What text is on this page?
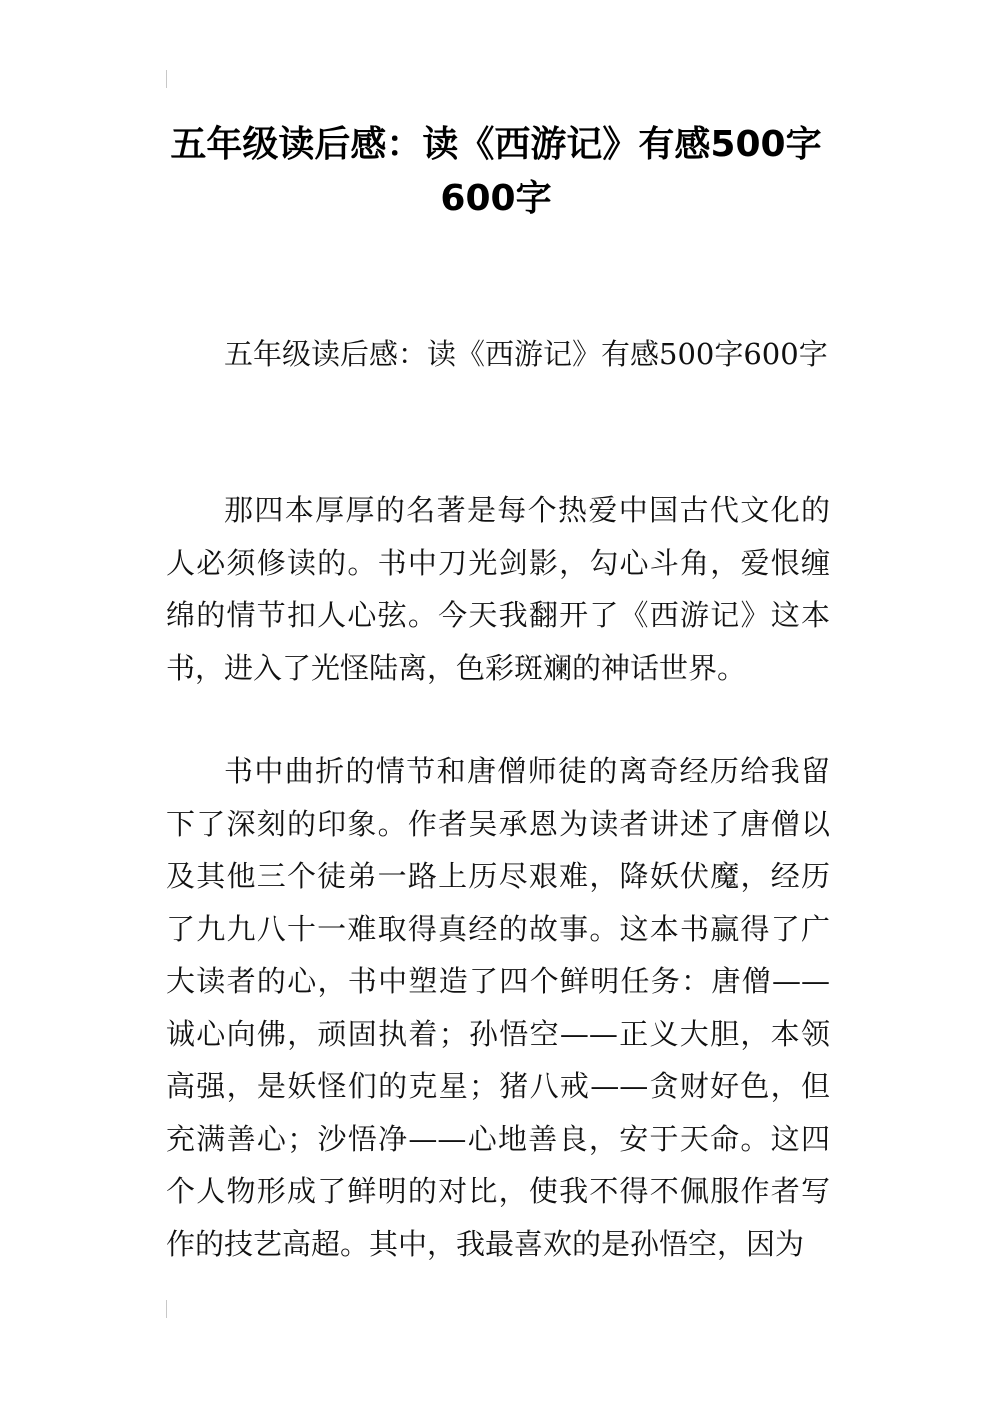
五年级读后感：读《西游记》有感500字600字

五年级读后感：读《西游记》有感500字600字

那四本厚厚的名著是每个热爱中国古代文化的人必须修读的。书中刀光剑影，勾心斗角，爱恨缠绵的情节扣人心弦。今天我翻开了《西游记》这本书，进入了光怪陆离，色彩斑斓的神话世界。

书中曲折的情节和唐僧师徒的离奇经历给我留下了深刻的印象。作者吴承恩为读者讲述了唐僧以及其他三个徒弟一路上历尽艰难，降妖伏魔，经历了九九八十一难取得真经的故事。这本书赢得了广大读者的心，书中塑造了四个鲜明任务：唐僧——诚心向佛，顽固执着；孙悟空——正义大胆，本领高强，是妖怪们的克星；猪八戒——贪财好色，但充满善心；沙悟净——心地善良，安于天命。这四个人物形成了鲜明的对比，使我不得不佩服作者写作的技艺高超。其中，我最喜欢的是孙悟空，因为
